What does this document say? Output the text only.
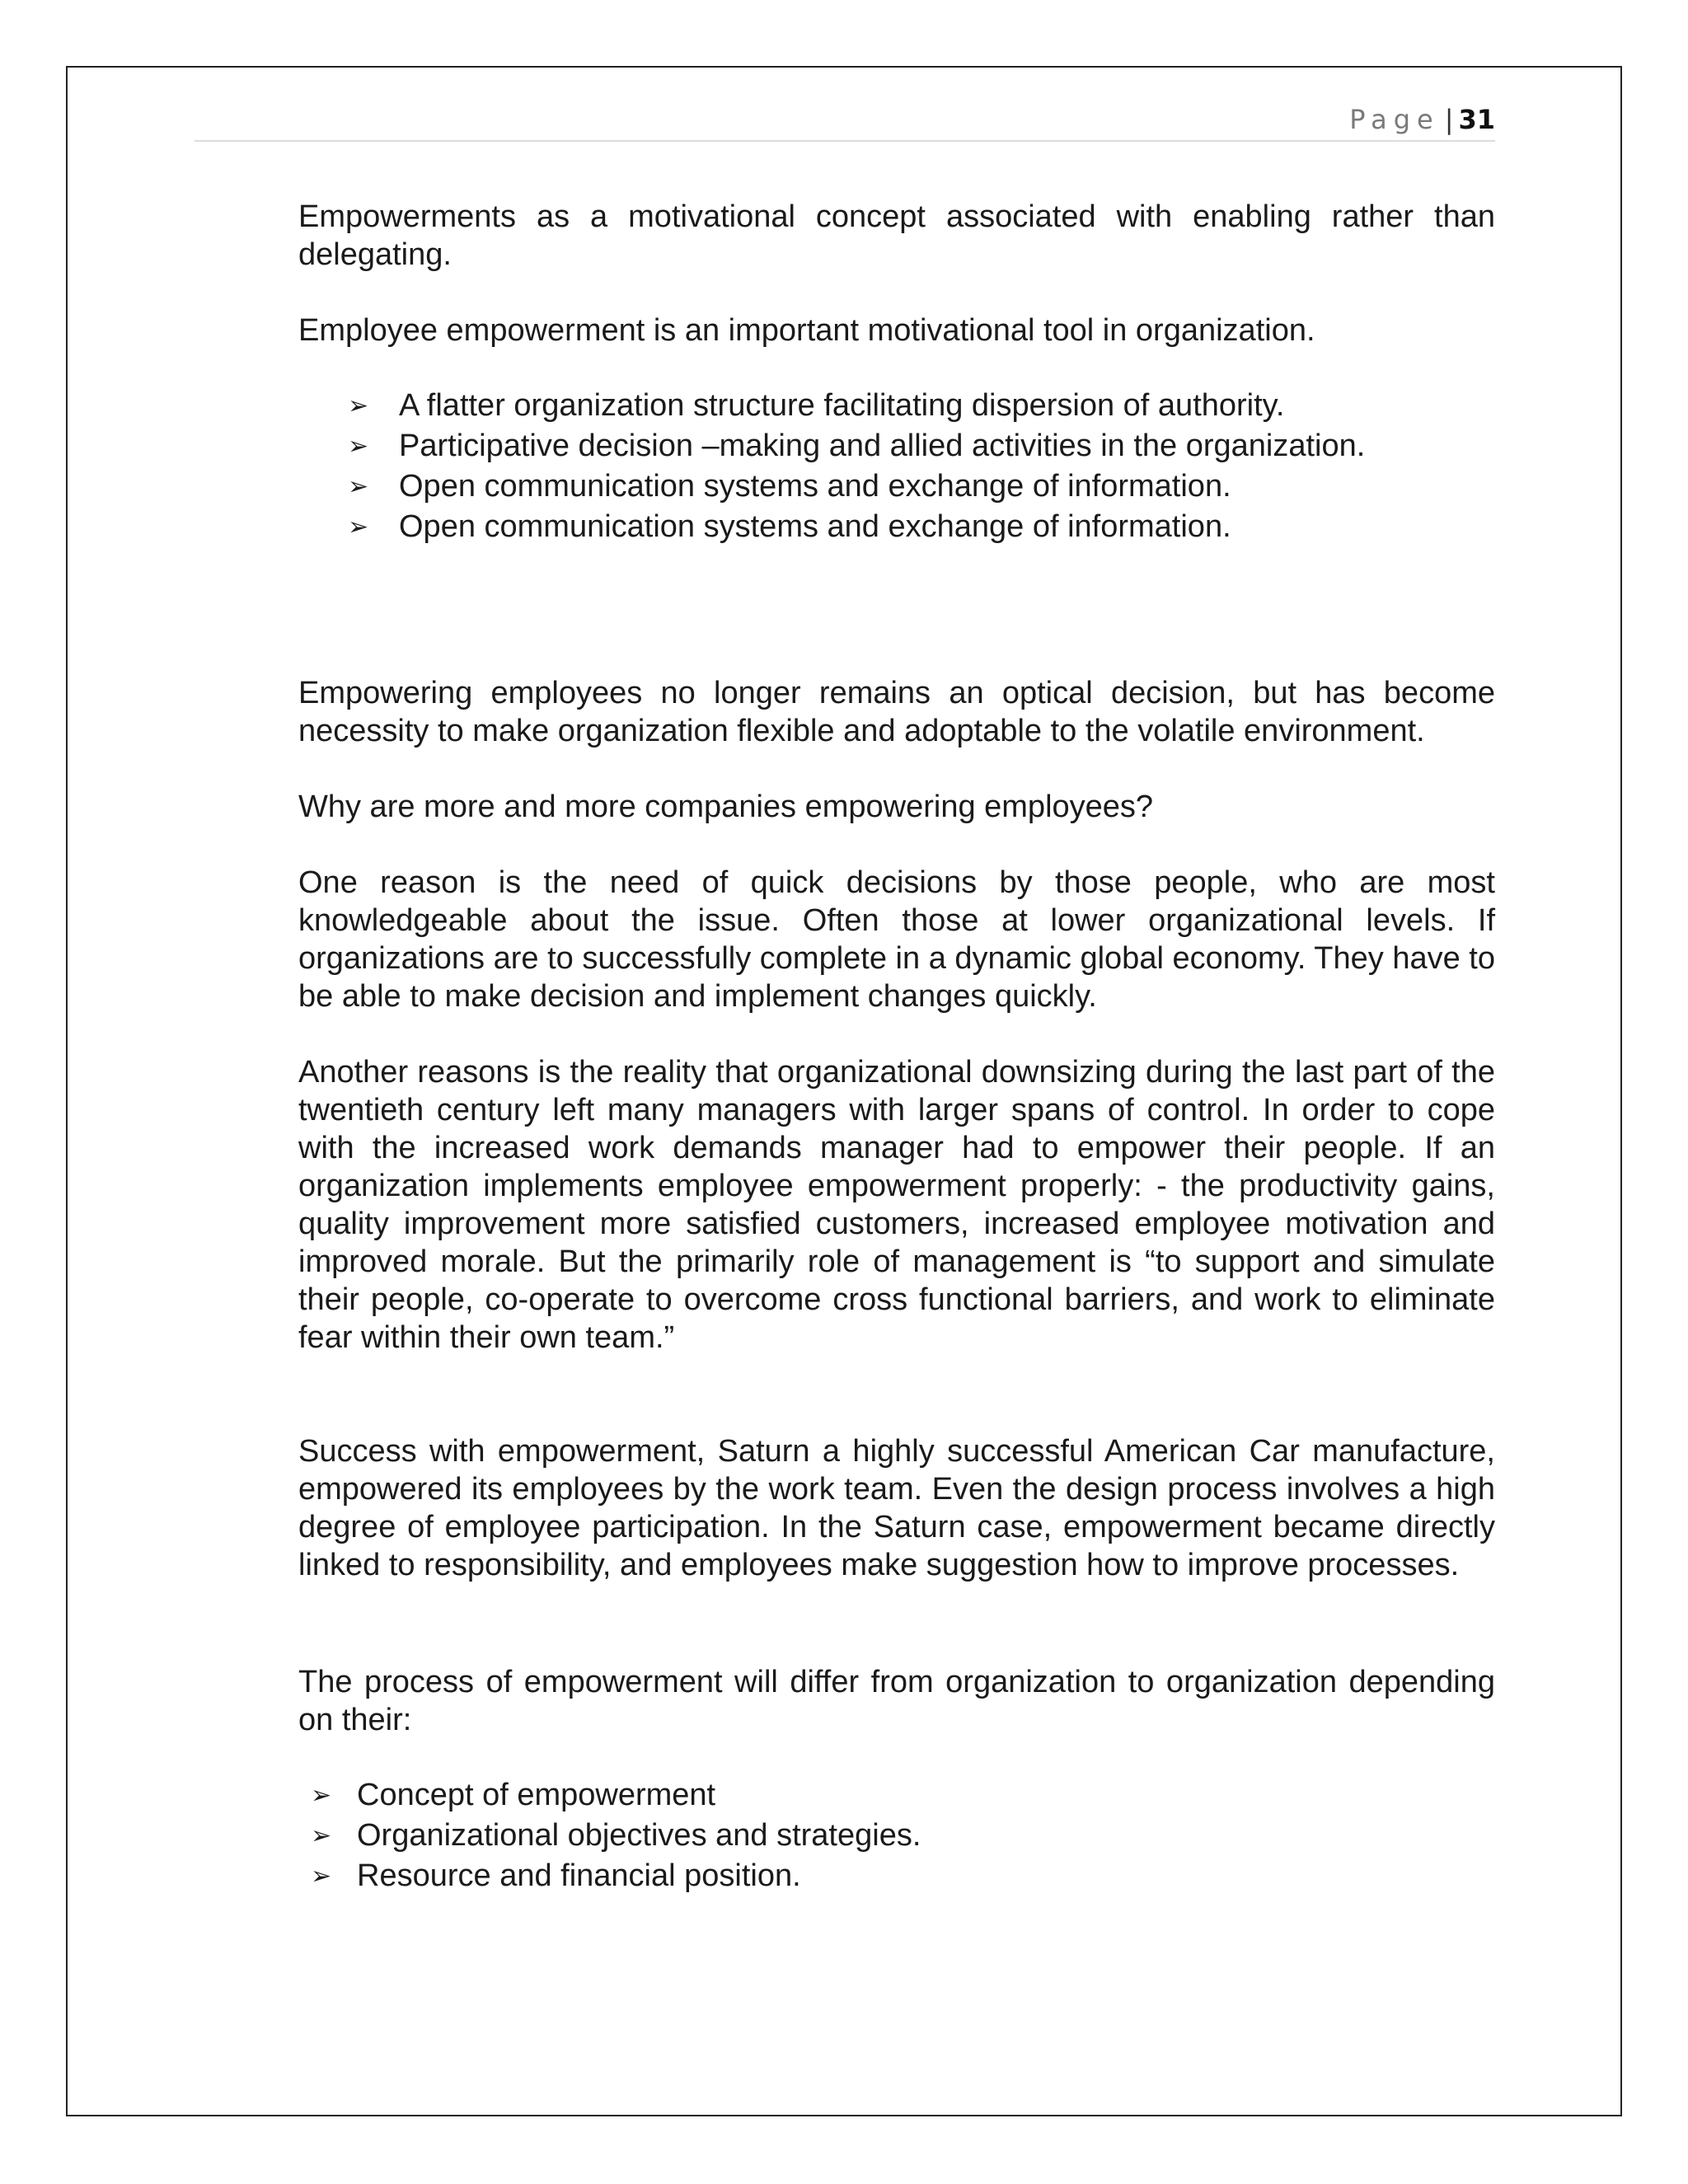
Page | 31

Empowerments as a motivational concept associated with enabling rather than delegating.

Employee empowerment is an important motivational tool in organization.

➢ A flatter organization structure facilitating dispersion of authority.
➢ Participative decision –making and allied activities in the organization.
➢ Open communication systems and exchange of information.
➢ Open communication systems and exchange of information.

Empowering employees no longer remains an optical decision, but has become necessity to make organization flexible and adoptable to the volatile environment.

Why are more and more companies empowering employees?

One reason is the need of quick decisions by those people, who are most knowledgeable about the issue. Often those at lower organizational levels. If organizations are to successfully complete in a dynamic global economy. They have to be able to make decision and implement changes quickly.

Another reasons is the reality that organizational downsizing during the last part of the twentieth century left many managers with larger spans of control. In order to cope with the increased work demands manager had to empower their people. If an organization implements employee empowerment properly: - the productivity gains, quality improvement more satisfied customers, increased employee motivation and improved morale. But the primarily role of management is “to support and simulate their people, co-operate to overcome cross functional barriers, and work to eliminate fear within their own team.”

Success with empowerment, Saturn a highly successful American Car manufacture, empowered its employees by the work team. Even the design process involves a high degree of employee participation. In the Saturn case, empowerment became directly linked to responsibility, and employees make suggestion how to improve processes.

The process of empowerment will differ from organization to organization depending on their:

➢ Concept of empowerment
➢ Organizational objectives and strategies.
➢ Resource and financial position.
